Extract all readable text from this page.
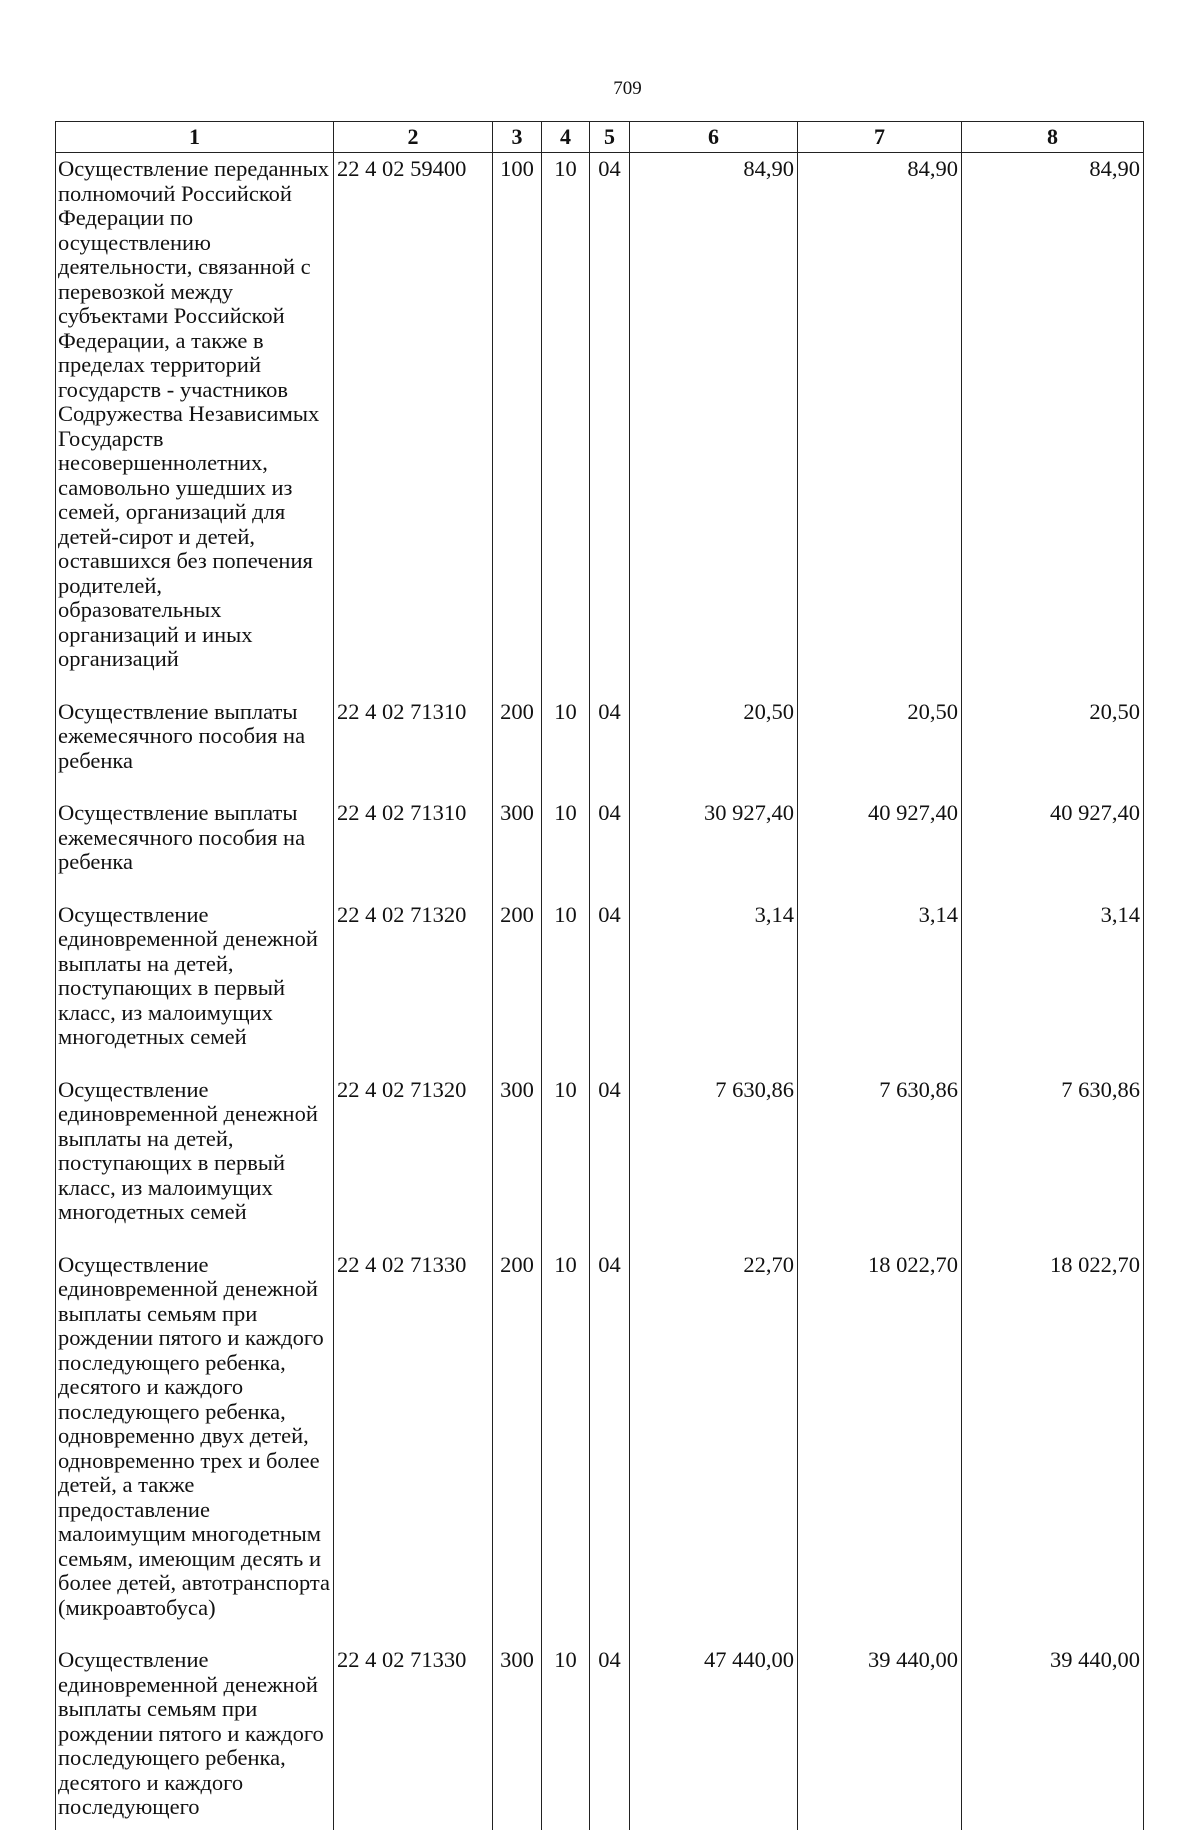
709
1	2	3	4	5	6	7	8
Осуществление переданных полномочий Российской Федерации по осуществлению деятельности, связанной с перевозкой между субъектами Российской Федерации, а также в пределах территорий государств - участников Содружества Независимых Государств несовершеннолетних, самовольно ушедших из семей, организаций для детей-сирот и детей, оставшихся без попечения родителей, образовательных организаций и иных организаций	22 4 02 59400	100	10	04	84,90	84,90	84,90
Осуществление выплаты ежемесячного пособия на ребенка	22 4 02 71310	200	10	04	20,50	20,50	20,50
Осуществление выплаты ежемесячного пособия на ребенка	22 4 02 71310	300	10	04	30 927,40	40 927,40	40 927,40
Осуществление единовременной денежной выплаты на детей, поступающих в первый класс, из малоимущих многодетных семей	22 4 02 71320	200	10	04	3,14	3,14	3,14
Осуществление единовременной денежной выплаты на детей, поступающих в первый класс, из малоимущих многодетных семей	22 4 02 71320	300	10	04	7 630,86	7 630,86	7 630,86
Осуществление единовременной денежной выплаты семьям при рождении пятого и каждого последующего ребенка, десятого и каждого последующего ребенка, одновременно двух детей, одновременно трех и более детей, а также предоставление малоимущим многодетным семьям, имеющим десять и более детей, автотранспорта (микроавтобуса)	22 4 02 71330	200	10	04	22,70	18 022,70	18 022,70
Осуществление единовременной денежной выплаты семьям при рождении пятого и каждого последующего ребенка, десятого и каждого последующего	22 4 02 71330	300	10	04	47 440,00	39 440,00	39 440,00
